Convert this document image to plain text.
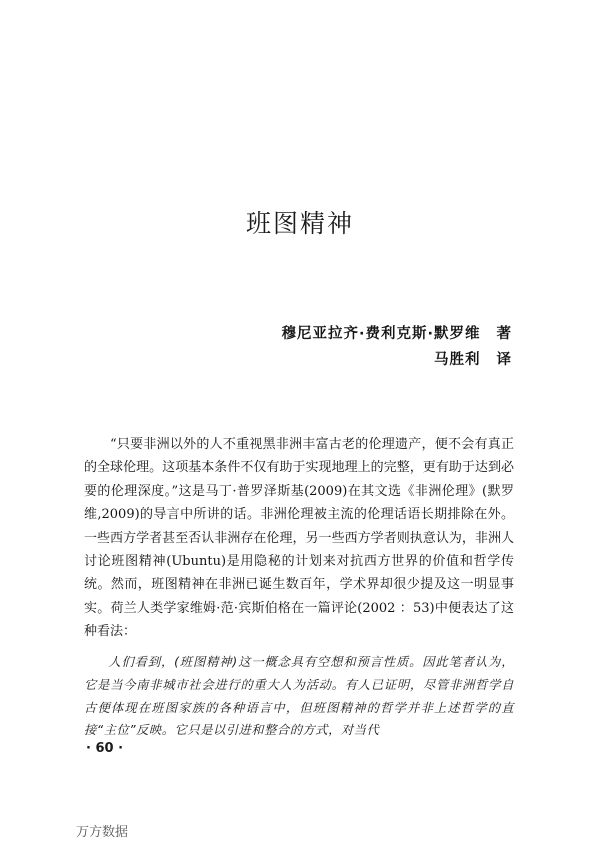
班图精神
穆尼亚拉齐·费利克斯·默罗维 著
马胜利 译

“只要非洲以外的人不重视黑非洲丰富古老的伦理遗产，便不会有真正的全球伦理。这项基本条件不仅有助于实现地理上的完整，更有助于达到必要的伦理深度。”这是马丁·普罗泽斯基(2009)在其文选《非洲伦理》(默罗维,2009)的导言中所讲的话。非洲伦理被主流的伦理话语长期排除在外。一些西方学者甚至否认非洲存在伦理，另一些西方学者则执意认为，非洲人讨论班图精神(Ubuntu)是用隐秘的计划来对抗西方世界的价值和哲学传统。然而，班图精神在非洲已诞生数百年，学术界却很少提及这一明显事实。荷兰人类学家维姆·范·宾斯伯格在一篇评论(2002 ：53)中便表达了这种看法：

人们看到，(班图精神)这一概念具有空想和预言性质。因此笔者认为，它是当今南非城市社会进行的重大人为活动。有人已证明，尽管非洲哲学自古便体现在班图家族的各种语言中，但班图精神的哲学并非上述哲学的直接“主位”反映。它只是以引进和整合的方式，对当代

· 60 ·
万方数据
